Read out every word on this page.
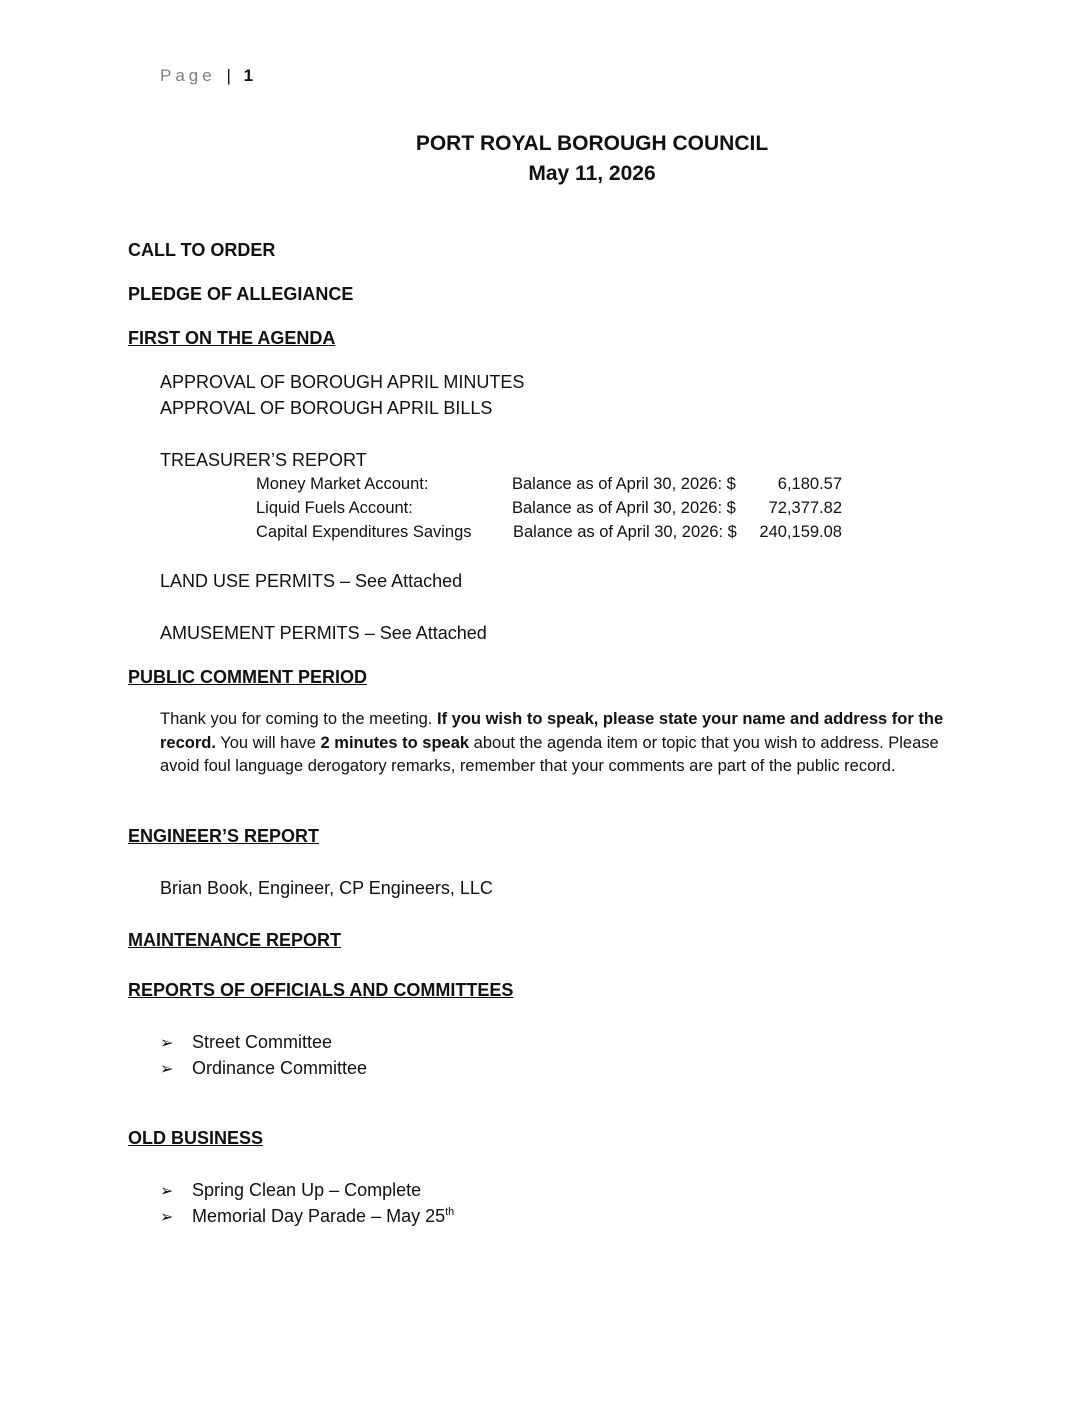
Page | 1
PORT ROYAL BOROUGH COUNCIL
May 11, 2026
CALL TO ORDER
PLEDGE OF ALLEGIANCE
FIRST ON THE AGENDA
APPROVAL OF BOROUGH APRIL MINUTES
APPROVAL OF BOROUGH APRIL BILLS
TREASURER’S REPORT
Money Market Account:	Balance as of April 30, 2026: $	6,180.57
Liquid Fuels Account:	Balance as of April 30, 2026: $	72,377.82
Capital Expenditures Savings	Balance as of April 30, 2026: $	240,159.08
LAND USE PERMITS – See Attached
AMUSEMENT PERMITS – See Attached
PUBLIC COMMENT PERIOD
Thank you for coming to the meeting. If you wish to speak, please state your name and address for the record. You will have 2 minutes to speak about the agenda item or topic that you wish to address. Please avoid foul language derogatory remarks, remember that your comments are part of the public record.
ENGINEER’S REPORT
Brian Book, Engineer, CP Engineers, LLC
MAINTENANCE REPORT
REPORTS OF OFFICIALS AND COMMITTEES
➢ Street Committee
➢ Ordinance Committee
OLD BUSINESS
➢ Spring Clean Up – Complete
➢ Memorial Day Parade – May 25th
